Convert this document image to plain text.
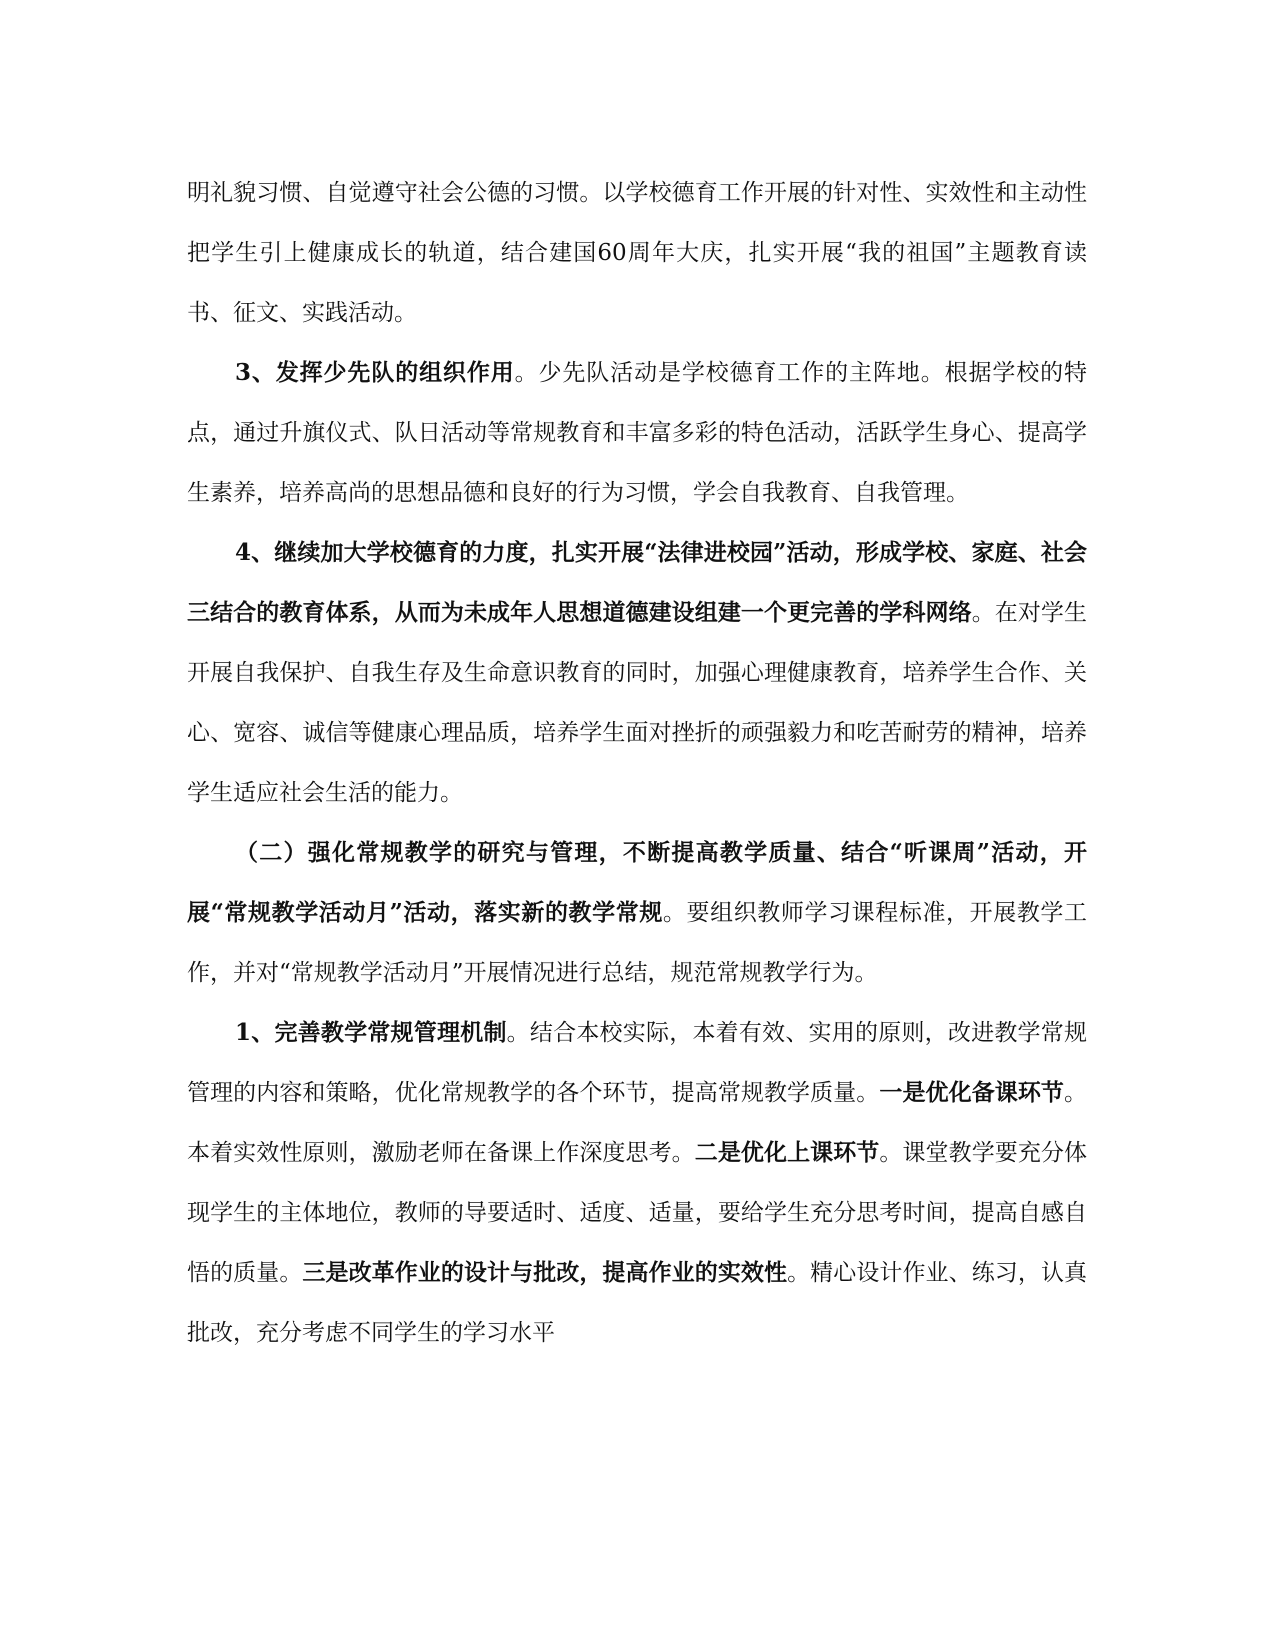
明礼貌习惯、自觉遵守社会公德的习惯。以学校德育工作开展的针对性、实效性和主动性把学生引上健康成长的轨道，结合建国60周年大庆，扎实开展“我的祖国”主题教育读书、征文、实践活动。

3、发挥少先队的组织作用。少先队活动是学校德育工作的主阵地。根据学校的特点，通过升旗仪式、队日活动等常规教育和丰富多彩的特色活动，活跃学生身心、提高学生素养，培养高尚的思想品德和良好的行为习惯，学会自我教育、自我管理。

4、继续加大学校德育的力度，扎实开展“法律进校园”活动，形成学校、家庭、社会三结合的教育体系，从而为未成年人思想道德建设组建一个更完善的学科网络。在对学生开展自我保护、自我生存及生命意识教育的同时，加强心理健康教育，培养学生合作、关心、宽容、诚信等健康心理品质，培养学生面对挫折的顽强毅力和吃苦耐劳的精神，培养学生适应社会生活的能力。

（二）强化常规教学的研究与管理，不断提高教学质量、结合“听课周”活动，开展“常规教学活动月”活动，落实新的教学常规。要组织教师学习课程标准，开展教学工作，并对“常规教学活动月”开展情况进行总结，规范常规教学行为。

1、完善教学常规管理机制。结合本校实际，本着有效、实用的原则，改进教学常规管理的内容和策略，优化常规教学的各个环节，提高常规教学质量。一是优化备课环节。本着实效性原则，激励老师在备课上作深度思考。二是优化上课环节。课堂教学要充分体现学生的主体地位，教师的导要适时、适度、适量，要给学生充分思考时间，提高自感自悟的质量。三是改革作业的设计与批改，提高作业的实效性。精心设计作业、练习，认真批改，充分考虑不同学生的学习水平
